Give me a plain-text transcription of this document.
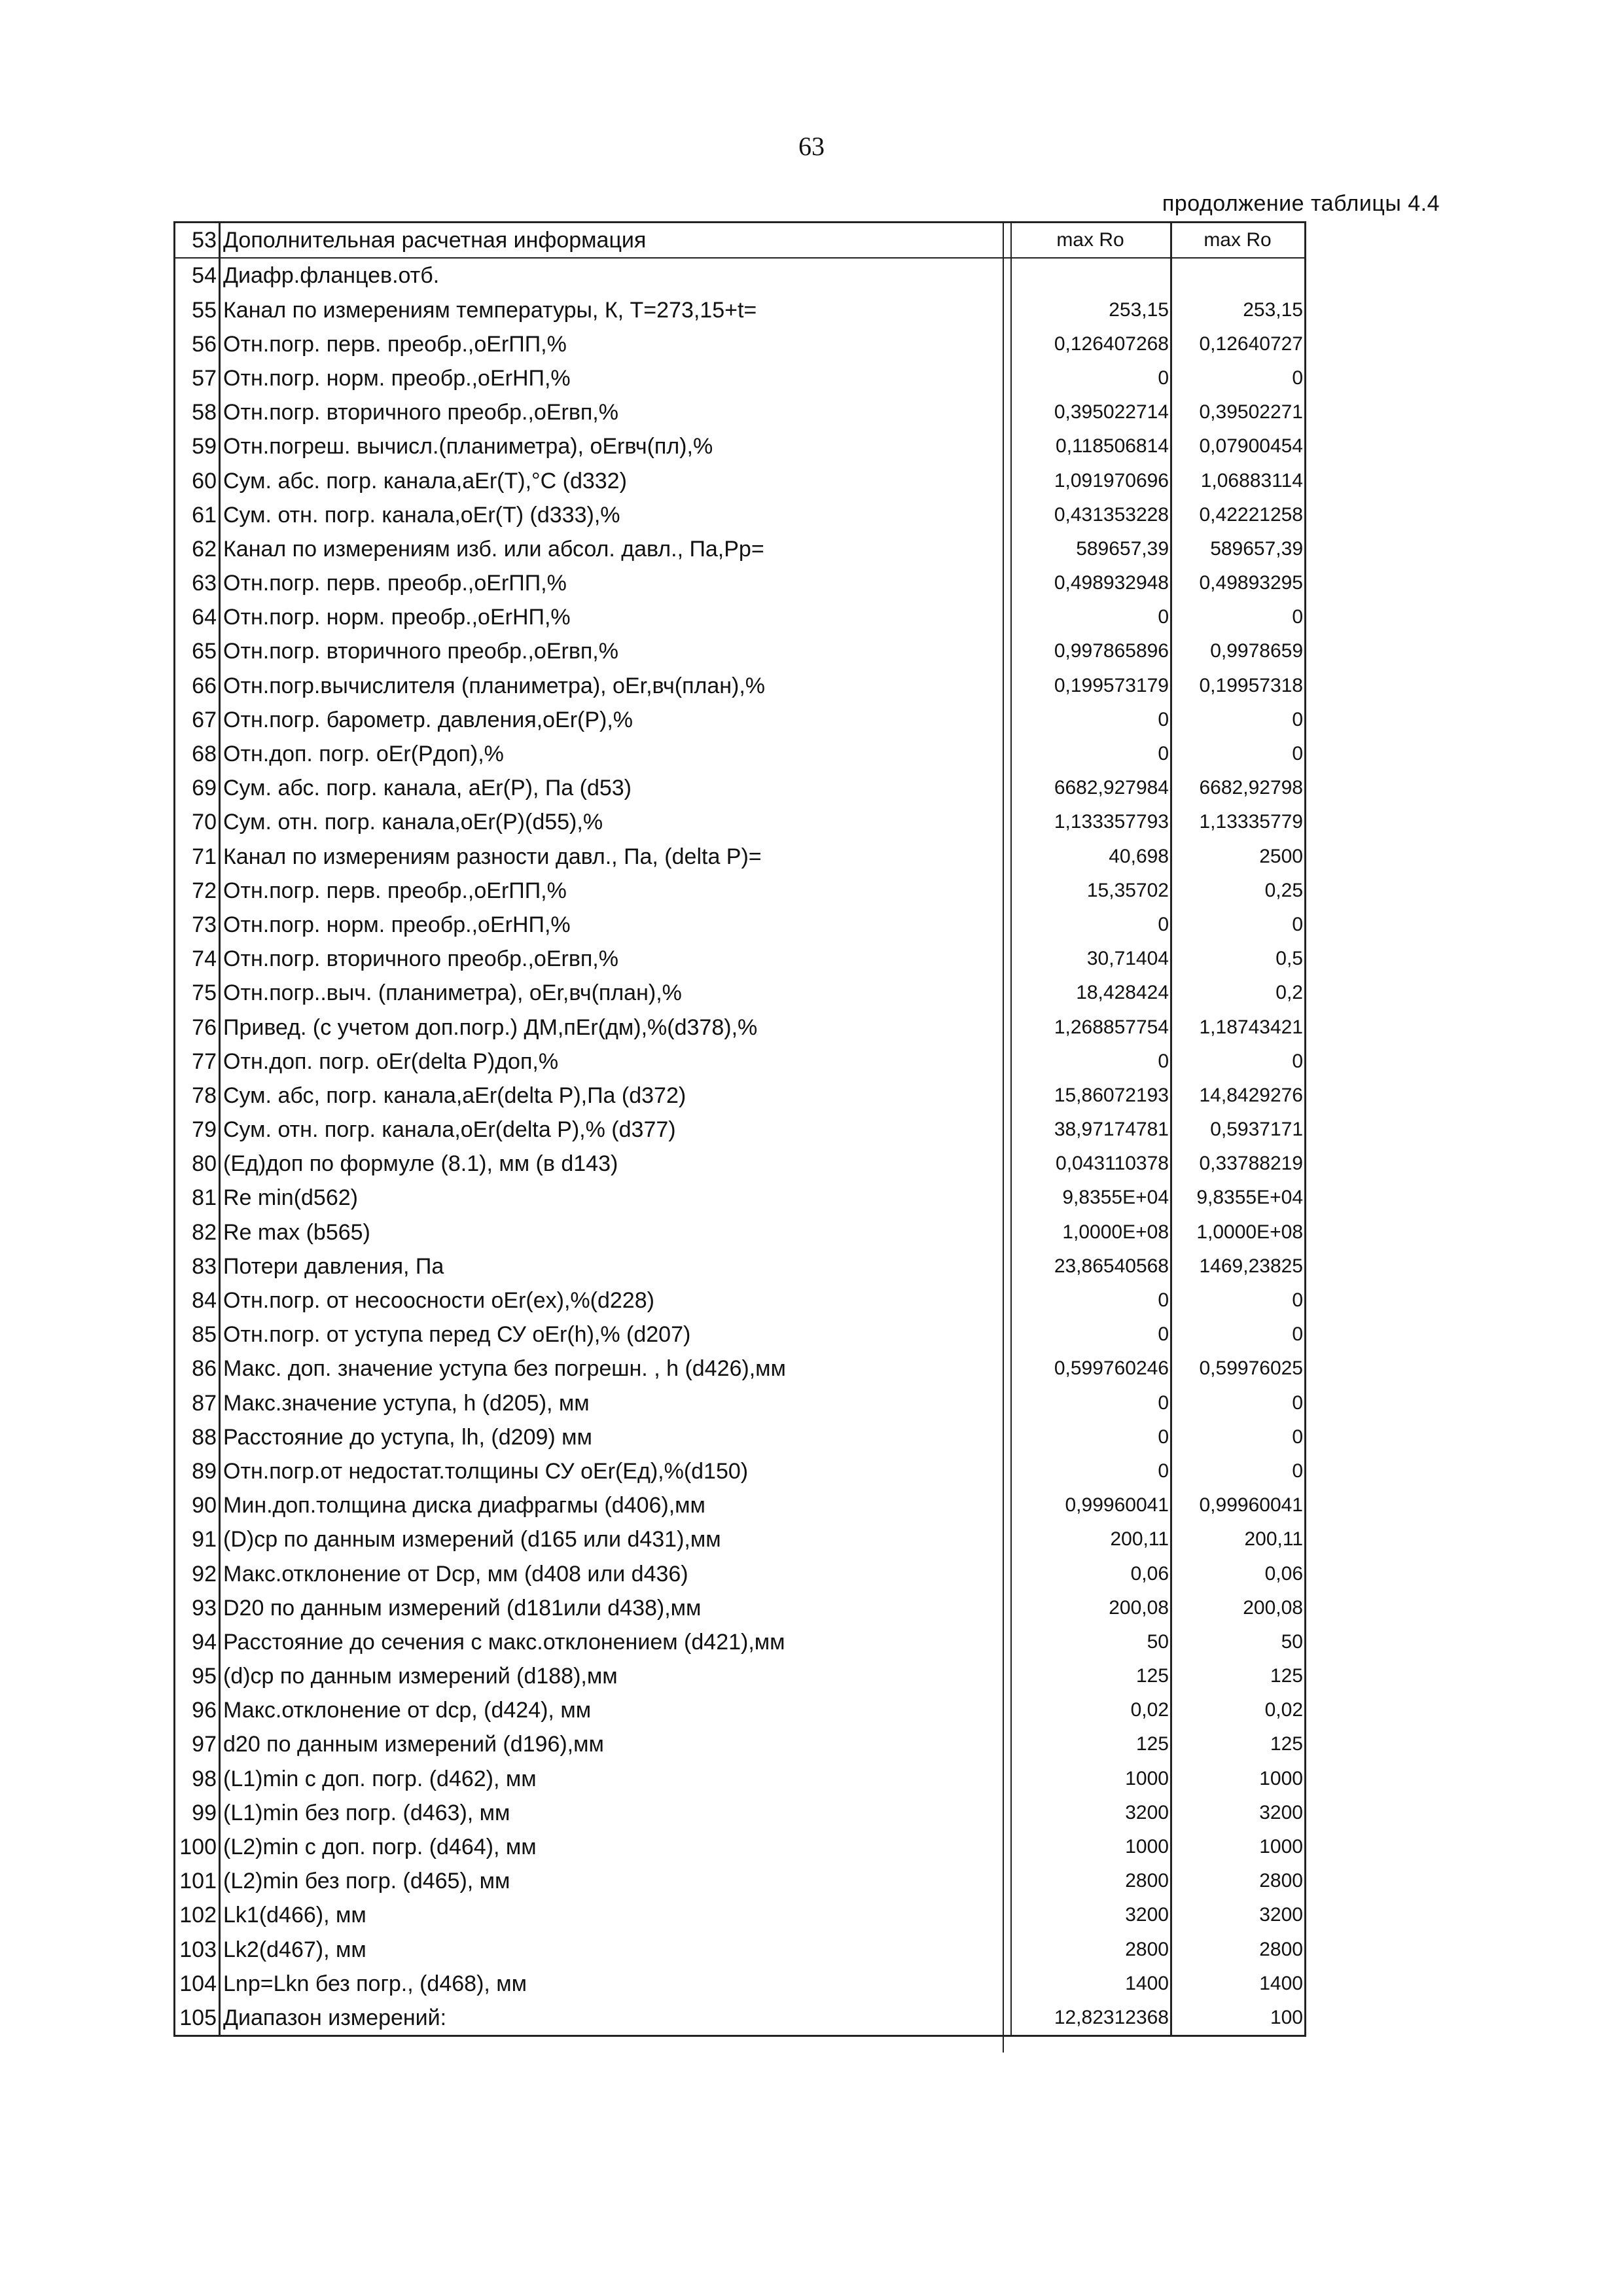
63
продолжение таблицы 4.4
53	Дополнительная расчетная информация	max Ro	max Ro
54	Диафр.фланцев.отб.		
55	Канал по измерениям температуры, К, T=273,15+t=	253,15	253,15
56	Отн.погр. перв. преобр.,оЕrПП,%	0,126407268	0,12640727
57	Отн.погр. норм. преобр.,оЕrНП,%	0	0
58	Отн.погр. вторичного преобр.,оЕrвп,%	0,395022714	0,39502271
59	Отн.погреш. вычисл.(планиметра), оЕrвч(пл),%	0,118506814	0,07900454
60	Сум. абс. погр. канала,aЕr(T),°C (d332)	1,091970696	1,06883114
61	Сум. отн. погр. канала,оЕr(T) (d333),%	0,431353228	0,42221258
62	Канал по измерениям изб. или абсол. давл., Па,Pp=	589657,39	589657,39
63	Отн.погр. перв. преобр.,оЕrПП,%	0,498932948	0,49893295
64	Отн.погр. норм. преобр.,оЕrНП,%	0	0
65	Отн.погр. вторичного преобр.,оЕrвп,%	0,997865896	0,9978659
66	Отн.погр.вычислителя (планиметра), оЕr,вч(план),%	0,199573179	0,19957318
67	Отн.погр. барометр. давления,оЕr(P),%	0	0
68	Отн.доп. погр. оЕr(Pдоп),%	0	0
69	Сум. абс. погр. канала, aЕr(P), Па (d53)	6682,927984	6682,92798
70	Сум. отн. погр. канала,оЕr(P)(d55),%	1,133357793	1,13335779
71	Канал по измерениям разности давл., Па, (delta P)=	40,698	2500
72	Отн.погр. перв. преобр.,оЕrПП,%	15,35702	0,25
73	Отн.погр. норм. преобр.,оЕrНП,%	0	0
74	Отн.погр. вторичного преобр.,оЕrвп,%	30,71404	0,5
75	Отн.погр..выч. (планиметра), оЕr,вч(план),%	18,428424	0,2
76	Привед. (с учетом доп.погр.) ДМ,пЕr(дм),%(d378),%	1,268857754	1,18743421
77	Отн.доп. погр. оЕr(delta P)доп,%	0	0
78	Сум. абс, погр. канала,aЕr(delta P),Па (d372)	15,86072193	14,8429276
79	Сум. отн. погр. канала,оЕr(delta P),% (d377)	38,97174781	0,5937171
80	(Eд)доп по формуле (8.1), мм (в d143)	0,043110378	0,33788219
81	Re min(d562)	9,8355E+04	9,8355E+04
82	Re max (b565)	1,0000E+08	1,0000E+08
83	Потери давления, Па	23,86540568	1469,23825
84	Отн.погр. от несоосности оЕr(ex),%(d228)	0	0
85	Отн.погр. от уступа перед СУ оЕr(h),% (d207)	0	0
86	Макс. доп. значение уступа без погрешн. , h (d426),мм	0,599760246	0,59976025
87	Макс.значение уступа, h (d205), мм	0	0
88	Расстояние до уступа, lh, (d209) мм	0	0
89	Отн.погр.от недостат.толщины СУ оЕr(Eд),%(d150)	0	0
90	Мин.доп.толщина диска диафрагмы (d406),мм	0,99960041	0,99960041
91	(D)ср по данным измерений (d165 или d431),мм	200,11	200,11
92	Макс.отклонение от Dср, мм (d408 или d436)	0,06	0,06
93	D20 по данным измерений (d181или d438),мм	200,08	200,08
94	Расстояние до сечения с макс.отклонением (d421),мм	50	50
95	(d)ср по данным измерений (d188),мм	125	125
96	Макс.отклонение от dср, (d424), мм	0,02	0,02
97	d20 по данным измерений (d196),мм	125	125
98	(L1)min с доп. погр. (d462), мм	1000	1000
99	(L1)min без погр. (d463), мм	3200	3200
100	(L2)min с доп. погр. (d464), мм	1000	1000
101	(L2)min без погр. (d465), мм	2800	2800
102	Lk1(d466), мм	3200	3200
103	Lk2(d467), мм	2800	2800
104	Lnp=Lkn без погр., (d468), мм	1400	1400
105	Диапазон измерений:	12,82312368	100
